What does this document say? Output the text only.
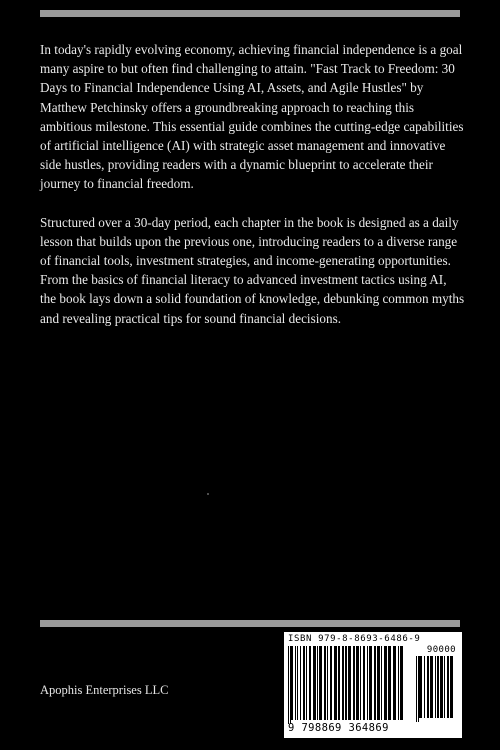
In today's rapidly evolving economy, achieving financial independence is a goal many aspire to but often find challenging to attain. "Fast Track to Freedom: 30 Days to Financial Independence Using AI, Assets, and Agile Hustles" by Matthew Petchinsky offers a groundbreaking approach to reaching this ambitious milestone. This essential guide combines the cutting-edge capabilities of artificial intelligence (AI) with strategic asset management and innovative side hustles, providing readers with a dynamic blueprint to accelerate their journey to financial freedom.

Structured over a 30-day period, each chapter in the book is designed as a daily lesson that builds upon the previous one, introducing readers to a diverse range of financial tools, investment strategies, and income-generating opportunities. From the basics of financial literacy to advanced investment tactics using AI, the book lays down a solid foundation of knowledge, debunking common myths and revealing practical tips for sound financial decisions.

Apophis Enterprises LLC
ISBN 979-8-8693-6486-9
90000
9 798869 364869
